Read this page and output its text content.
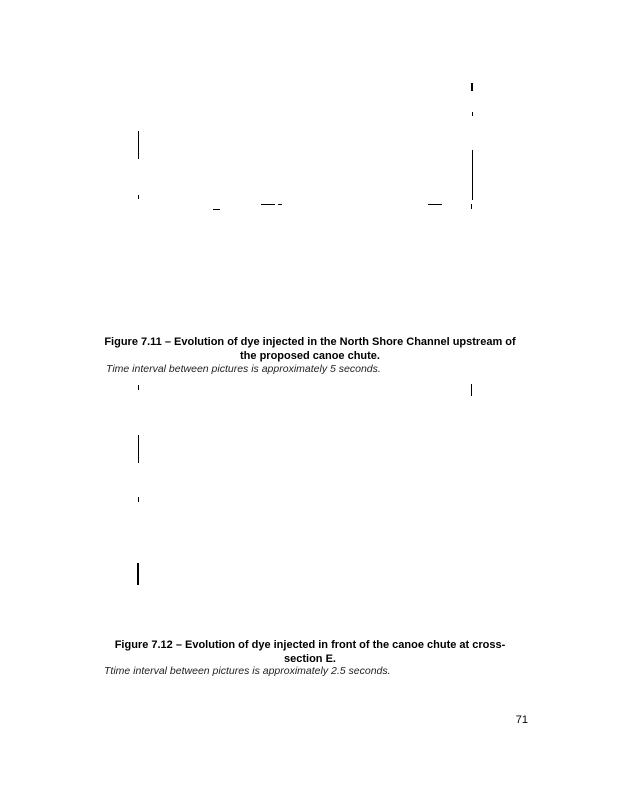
Figure 7.11 – Evolution of dye injected in the North Shore Channel upstream of
the proposed canoe chute.
Time interval between pictures is approximately 5 seconds.
Figure 7.12 – Evolution of dye injected in front of the canoe chute at cross-
section E.
Ttime interval between pictures is approximately 2.5 seconds.
71
